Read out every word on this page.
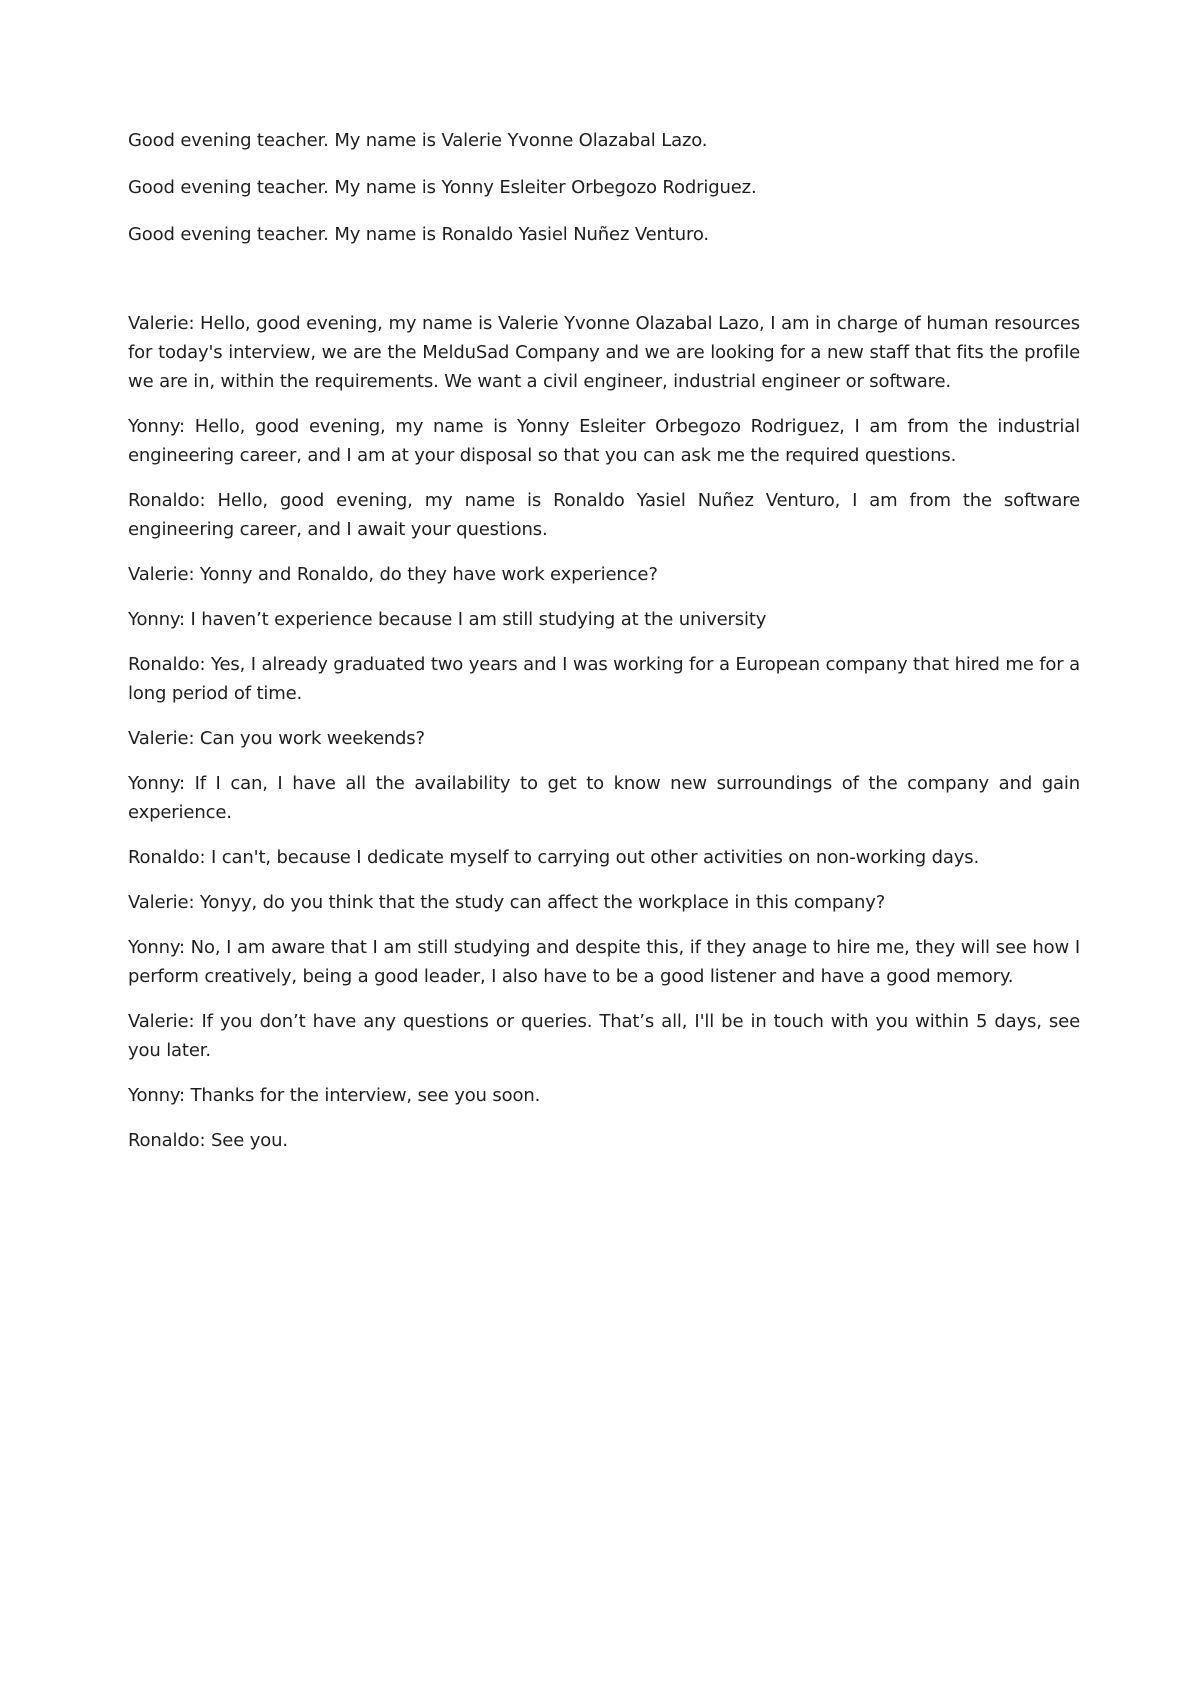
Good evening teacher. My name is Valerie Yvonne Olazabal Lazo.

Good evening teacher. My name is Yonny Esleiter Orbegozo Rodriguez.

Good evening teacher. My name is Ronaldo Yasiel Nuñez Venturo.

Valerie: Hello, good evening, my name is Valerie Yvonne Olazabal Lazo, I am in charge of human resources for today's interview, we are the MelduSad Company and we are looking for a new staff that fits the profile we are in, within the requirements. We want a civil engineer, industrial engineer or software.

Yonny: Hello, good evening, my name is Yonny Esleiter Orbegozo Rodriguez, I am from the industrial engineering career, and I am at your disposal so that you can ask me the required questions.

Ronaldo: Hello, good evening, my name is Ronaldo Yasiel Nuñez Venturo, I am from the software engineering career, and I await your questions.

Valerie: Yonny and Ronaldo, do they have work experience?

Yonny: I haven’t experience because I am still studying at the university

Ronaldo: Yes, I already graduated two years and I was working for a European company that hired me for a long period of time.

Valerie: Can you work weekends?

Yonny: If I can, I have all the availability to get to know new surroundings of the company and gain experience.

Ronaldo: I can't, because I dedicate myself to carrying out other activities on non-working days.

Valerie: Yonyy, do you think that the study can affect the workplace in this company?

Yonny: No, I am aware that I am still studying and despite this, if they anage to hire me, they will see how I perform creatively, being a good leader, I also have to be a good listener and have a good memory.

Valerie: If you don’t have any questions or queries. That’s all, I'll be in touch with you within 5 days, see you later.

Yonny: Thanks for the interview, see you soon.

Ronaldo: See you.
